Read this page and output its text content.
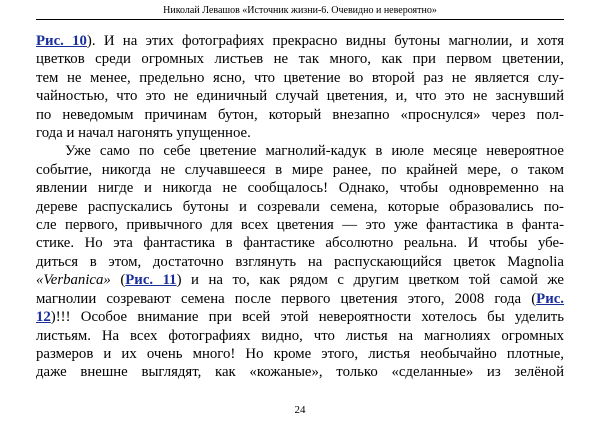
Николай Левашов «Источник жизни-6. Очевидно и невероятно»
Рис. 10). И на этих фотографиях прекрасно видны бутоны магнолии, и хотя
цветков среди огромных листьев не так много, как при первом цветении,
тем не менее, предельно ясно, что цветение во второй раз не является слу-
чайностью, что это не единичный случай цветения, и, что это не заснувший
по неведомым причинам бутон, который внезапно «проснулся» через пол-
года и начал нагонять упущенное.
Уже само по себе цветение магнолий-кадук в июле месяце невероятное
событие, никогда не случавшееся в мире ранее, по крайней мере, о таком
явлении нигде и никогда не сообщалось! Однако, чтобы одновременно на
дереве распускались бутоны и созревали семена, которые образовались по-
сле первого, привычного для всех цветения — это уже фантастика в фанта-
стике. Но эта фантастика в фантастике абсолютно реальна. И чтобы убе-
диться в этом, достаточно взглянуть на распускающийся цветок Magnolia
«Verbanica» (Рис. 11) и на то, как рядом с другим цветком той самой же
магнолии созревают семена после первого цветения этого, 2008 года (Рис.
12)!!! Особое внимание при всей этой невероятности хотелось бы уделить
листьям. На всех фотографиях видно, что листья на магнолиях огромных
размеров и их очень много! Но кроме этого, листья необычайно плотные,
даже внешне выглядят, как «кожаные», только «сделанные» из зелёной
24
